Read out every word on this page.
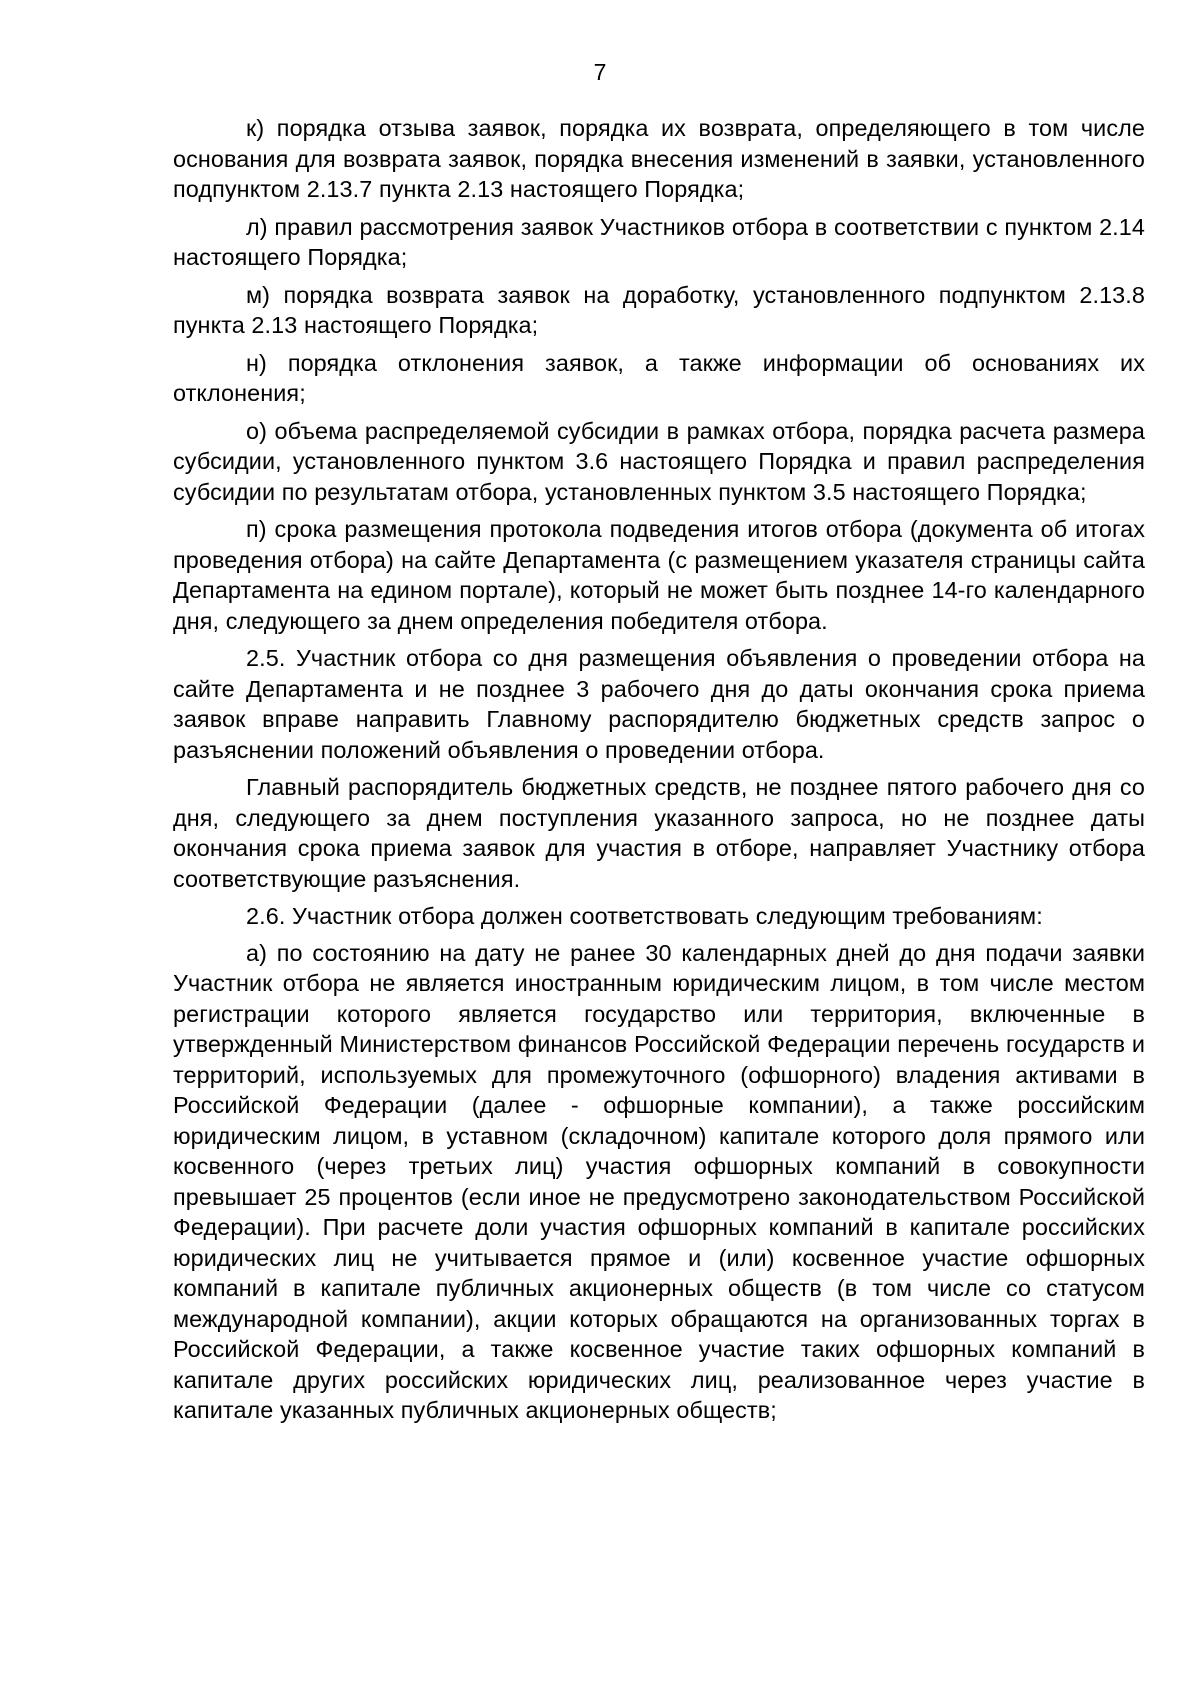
7

к) порядка отзыва заявок, порядка их возврата, определяющего в том числе основания для возврата заявок, порядка внесения изменений в заявки, установленного подпунктом 2.13.7 пункта 2.13 настоящего Порядка;

л) правил рассмотрения заявок Участников отбора в соответствии с пунктом 2.14 настоящего Порядка;

м) порядка возврата заявок на доработку, установленного подпунктом 2.13.8 пункта 2.13 настоящего Порядка;

н) порядка отклонения заявок, а также информации об основаниях их отклонения;

о) объема распределяемой субсидии в рамках отбора, порядка расчета размера субсидии, установленного пунктом 3.6 настоящего Порядка и правил распределения субсидии по результатам отбора, установленных пунктом 3.5 настоящего Порядка;

п) срока размещения протокола подведения итогов отбора (документа об итогах проведения отбора) на сайте Департамента (с размещением указателя страницы сайта Департамента на едином портале), который не может быть позднее 14-го календарного дня, следующего за днем определения победителя отбора.

2.5. Участник отбора со дня размещения объявления о проведении отбора на сайте Департамента и не позднее 3 рабочего дня до даты окончания срока приема заявок вправе направить Главному распорядителю бюджетных средств запрос о разъяснении положений объявления о проведении отбора.

Главный распорядитель бюджетных средств, не позднее пятого рабочего дня со дня, следующего за днем поступления указанного запроса, но не позднее даты окончания срока приема заявок для участия в отборе, направляет Участнику отбора соответствующие разъяснения.

2.6. Участник отбора должен соответствовать следующим требованиям:

а) по состоянию на дату не ранее 30 календарных дней до дня подачи заявки Участник отбора не является иностранным юридическим лицом, в том числе местом регистрации которого является государство или территория, включенные в утвержденный Министерством финансов Российской Федерации перечень государств и территорий, используемых для промежуточного (офшорного) владения активами в Российской Федерации (далее - офшорные компании), а также российским юридическим лицом, в уставном (складочном) капитале которого доля прямого или косвенного (через третьих лиц) участия офшорных компаний в совокупности превышает 25 процентов (если иное не предусмотрено законодательством Российской Федерации). При расчете доли участия офшорных компаний в капитале российских юридических лиц не учитывается прямое и (или) косвенное участие офшорных компаний в капитале публичных акционерных обществ (в том числе со статусом международной компании), акции которых обращаются на организованных торгах в Российской Федерации, а также косвенное участие таких офшорных компаний в капитале других российских юридических лиц, реализованное через участие в капитале указанных публичных акционерных обществ;
